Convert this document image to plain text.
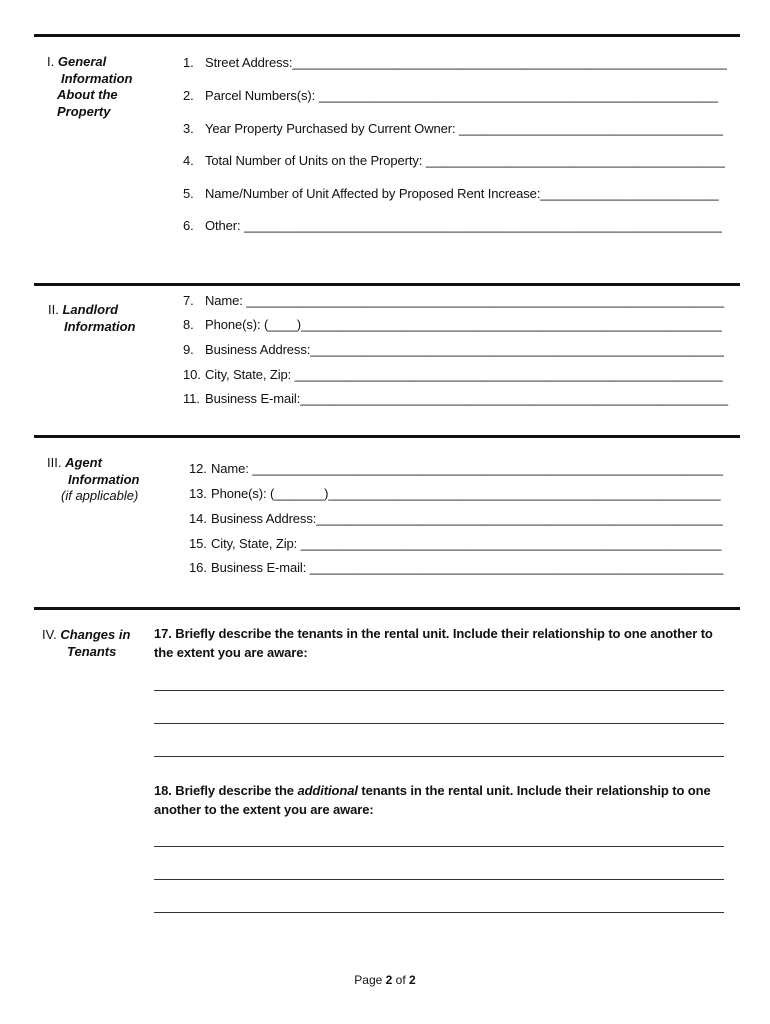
I. General
Information
About the
Property
II. Landlord
Information
III. Agent
Information
(if applicable)
IV. Changes in
Tenants
1. Street Address:_____________________________________________________________
2. Parcel Numbers(s): ________________________________________________________
3. Year Property Purchased by Current Owner: _____________________________________
4. Total Number of Units on the Property: __________________________________________
5. Name/Number of Unit Affected by Proposed Rent Increase:_________________________
6. Other: ___________________________________________________________________
7. Name: ___________________________________________________________________
8. Phone(s): (____)___________________________________________________________
9. Business Address:__________________________________________________________
10. City, State, Zip: ____________________________________________________________
11. Business E-mail:____________________________________________________________
12. Name: __________________________________________________________________
13. Phone(s): (_______)_______________________________________________________
14. Business Address:_________________________________________________________
15. City, State, Zip: ___________________________________________________________
16. Business E-mail: __________________________________________________________
17. Briefly describe the tenants in the rental unit. Include their relationship to one another to the extent you are aware:
18. Briefly describe the additional tenants in the rental unit. Include their relationship to one another to the extent you are aware:
Page 2 of 2
